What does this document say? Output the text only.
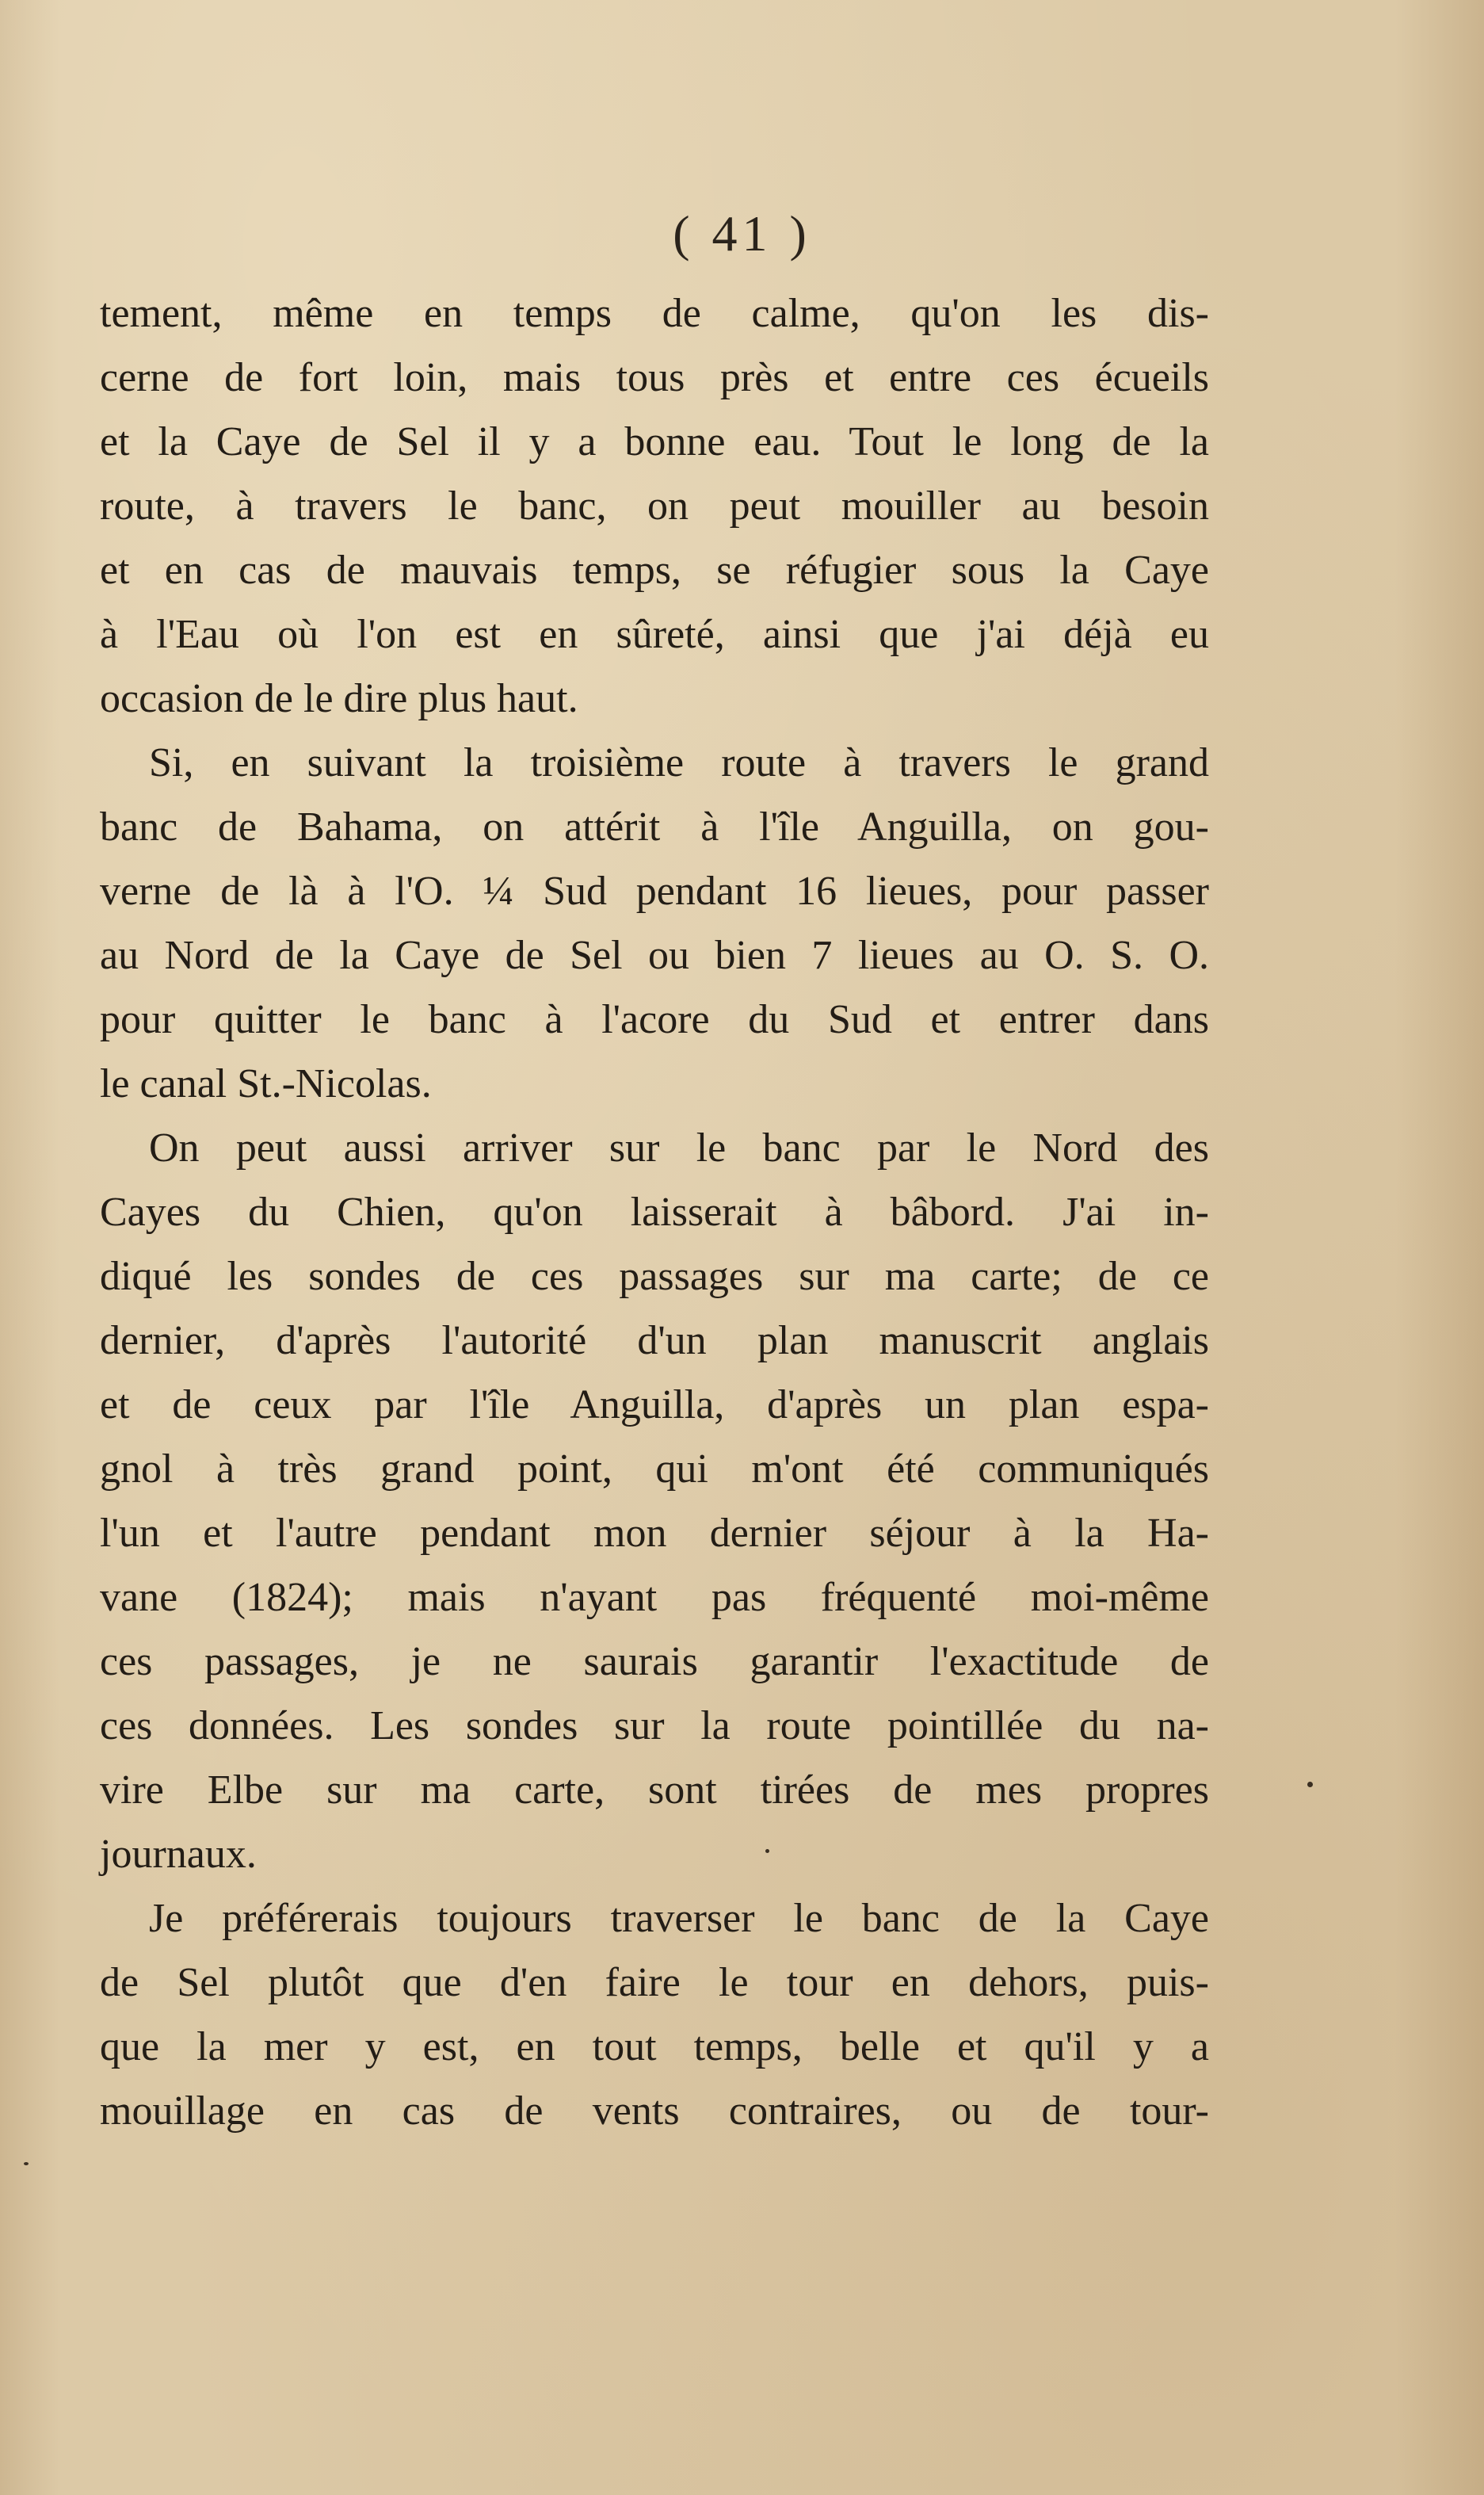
( 41 )
tement, même en temps de calme, qu'on les dis-
cerne de fort loin, mais tous près et entre ces écueils
et la Caye de Sel il y a bonne eau. Tout le long de la
route, à travers le banc, on peut mouiller au besoin
et en cas de mauvais temps, se réfugier sous la Caye
à l'Eau où l'on est en sûreté, ainsi que j'ai déjà eu
occasion de le dire plus haut.
Si, en suivant la troisième route à travers le grand
banc de Bahama, on attérit à l'île Anguilla, on gou-
verne de là à l'O. ¼ Sud pendant 16 lieues, pour passer
au Nord de la Caye de Sel ou bien 7 lieues au O. S. O.
pour quitter le banc à l'acore du Sud et entrer dans
le canal St.-Nicolas.
On peut aussi arriver sur le banc par le Nord des
Cayes du Chien, qu'on laisserait à bâbord. J'ai in-
diqué les sondes de ces passages sur ma carte; de ce
dernier, d'après l'autorité d'un plan manuscrit anglais
et de ceux par l'île Anguilla, d'après un plan espa-
gnol à très grand point, qui m'ont été communiqués
l'un et l'autre pendant mon dernier séjour à la Ha-
vane (1824); mais n'ayant pas fréquenté moi-même
ces passages, je ne saurais garantir l'exactitude de
ces données. Les sondes sur la route pointillée du na-
vire Elbe sur ma carte, sont tirées de mes propres
journaux.
Je préférerais toujours traverser le banc de la Caye
de Sel plutôt que d'en faire le tour en dehors, puis-
que la mer y est, en tout temps, belle et qu'il y a
mouillage en cas de vents contraires, ou de tour-
